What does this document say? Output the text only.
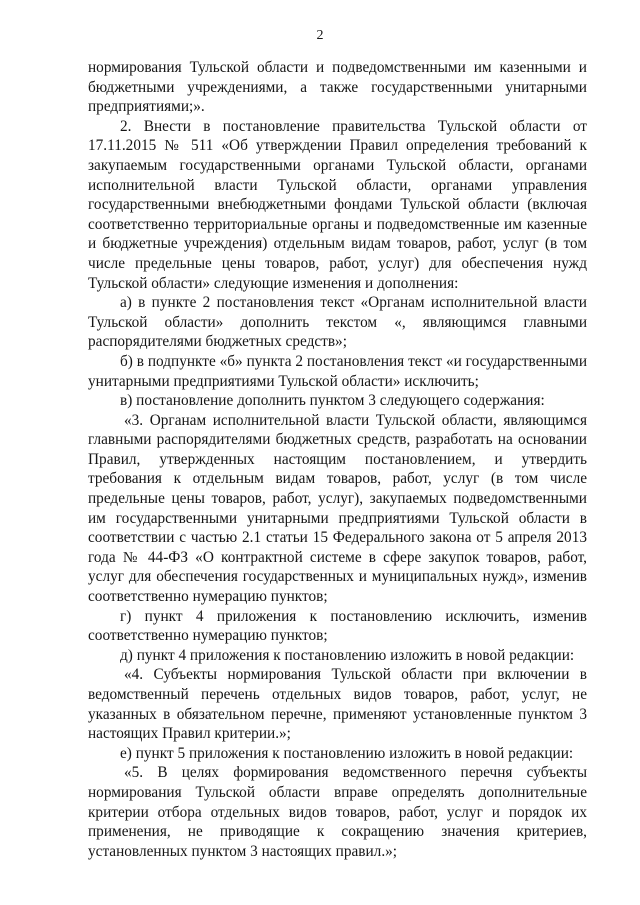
2

нормирования Тульской области и подведомственными им казенными и бюджетными учреждениями, а также государственными унитарными предприятиями;».

2. Внести в постановление правительства Тульской области от 17.11.2015 № 511 «Об утверждении Правил определения требований к закупаемым государственными органами Тульской области, органами исполнительной власти Тульской области, органами управления государственными внебюджетными фондами Тульской области (включая соответственно территориальные органы и подведомственные им казенные и бюджетные учреждения) отдельным видам товаров, работ, услуг (в том числе предельные цены товаров, работ, услуг) для обеспечения нужд Тульской области» следующие изменения и дополнения:

а) в пункте 2 постановления текст «Органам исполнительной власти Тульской области» дополнить текстом «, являющимся главными распорядителями бюджетных средств»;

б) в подпункте «б» пункта 2 постановления текст «и государственными унитарными предприятиями Тульской области» исключить;

в) постановление дополнить пунктом 3 следующего содержания:

«3. Органам исполнительной власти Тульской области, являющимся главными распорядителями бюджетных средств, разработать на основании Правил, утвержденных настоящим постановлением, и утвердить требования к отдельным видам товаров, работ, услуг (в том числе предельные цены товаров, работ, услуг), закупаемых подведомственными им государственными унитарными предприятиями Тульской области в соответствии с частью 2.1 статьи 15 Федерального закона от 5 апреля 2013 года № 44-ФЗ «О контрактной системе в сфере закупок товаров, работ, услуг для обеспечения государственных и муниципальных нужд», изменив соответственно нумерацию пунктов;

г) пункт 4 приложения к постановлению исключить, изменив соответственно нумерацию пунктов;

д) пункт 4 приложения к постановлению изложить в новой редакции:

«4. Субъекты нормирования Тульской области при включении в ведомственный перечень отдельных видов товаров, работ, услуг, не указанных в обязательном перечне, применяют установленные пунктом 3 настоящих Правил критерии.»;

е) пункт 5 приложения к постановлению изложить в новой редакции:

«5. В целях формирования ведомственного перечня субъекты нормирования Тульской области вправе определять дополнительные критерии отбора отдельных видов товаров, работ, услуг и порядок их применения, не приводящие к сокращению значения критериев, установленных пунктом 3 настоящих правил.»;
